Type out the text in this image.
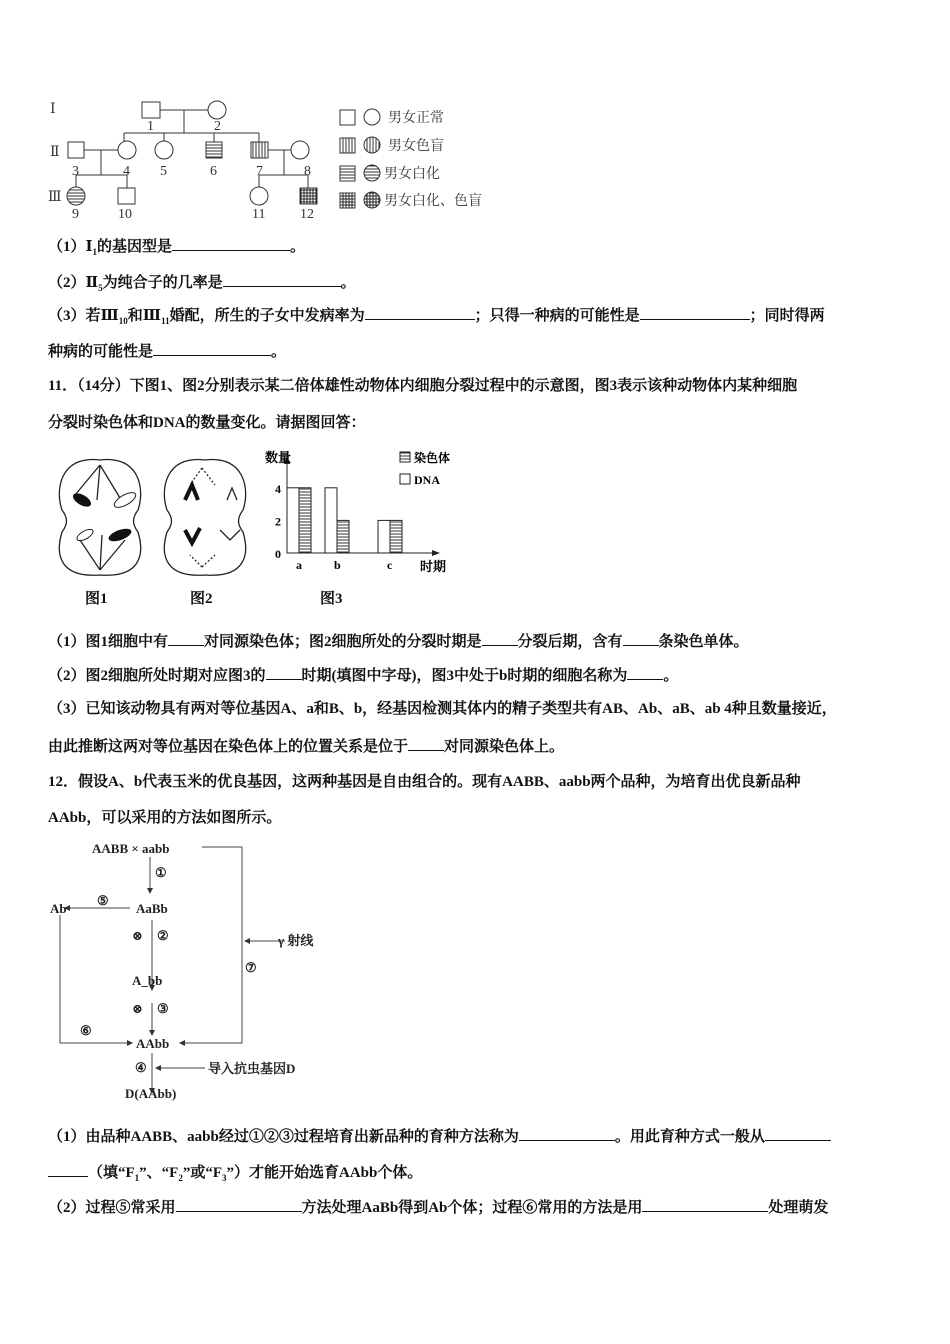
Ⅰ
Ⅱ
Ⅲ
1	2
3	4 5	6	7	8
9	10	11 12
男女正常
男女色盲
男女白化
男女白化、色盲
$(1)Ⅰ_1$的基因型是	。
$(2)Ⅱ_5$为纯合子的几率是	。
（3）若$Ⅲ_{10}$和$Ⅲ_{11}$婚配，所生的子女中发病率为	；只得一种病的可能性是	；同时得两
种病的可能性是	。
11．（14分）下图1、图2分别表示某二倍体雄性动物体内细胞分裂过程中的示意图，图3表示该种动物体内某种细胞
分裂时染色体和DNA的数量变化。请据图回答：
图1	图2	图3
a	b	c
0
2
4
数量
时期
染色体
DNA
（1）图1细胞中有 对同源染色体；图2细胞所处的分裂时期是 分裂后期，含有 条染色单体。
（2）图2细胞所处时期对应图3的 时期(填图中字母)，图3中处于b时期的细胞名称为 。
（3）已知该动物具有两对等位基因A、a和B、b，经基因检测其体内的精子类型共有AB、Ab、aB、ab 4种且数量接近，
由此推断这两对等位基因在染色体上的位置关系是位于 对同源染色体上。
12．假设A、b代表玉米的优良基因，这两种基因是自由组合的。现有AABB、aabb两个品种，为培育出优良新品种
AAbb，可以采用的方法如图所示。
AABB × aabb
①
AaBb
⑤
Ab
⊗ ②
A_bb
⊗ ③
⑥
AAbb
④	导入抗虫基因D
D(AAbb)
γ 射线
⑦
（1）由品种AABB、aabb经过①②③过程培育出新品种的育种方法称为	。用此育种方式一般从
（填“$F_1$”、“$F_2$”或“$F_3$”）才能开始选育AAbb个体。
（2）过程⑤常采用	方法处理AaBb得到Ab个体；过程⑥常用的方法是用	处理萌发
